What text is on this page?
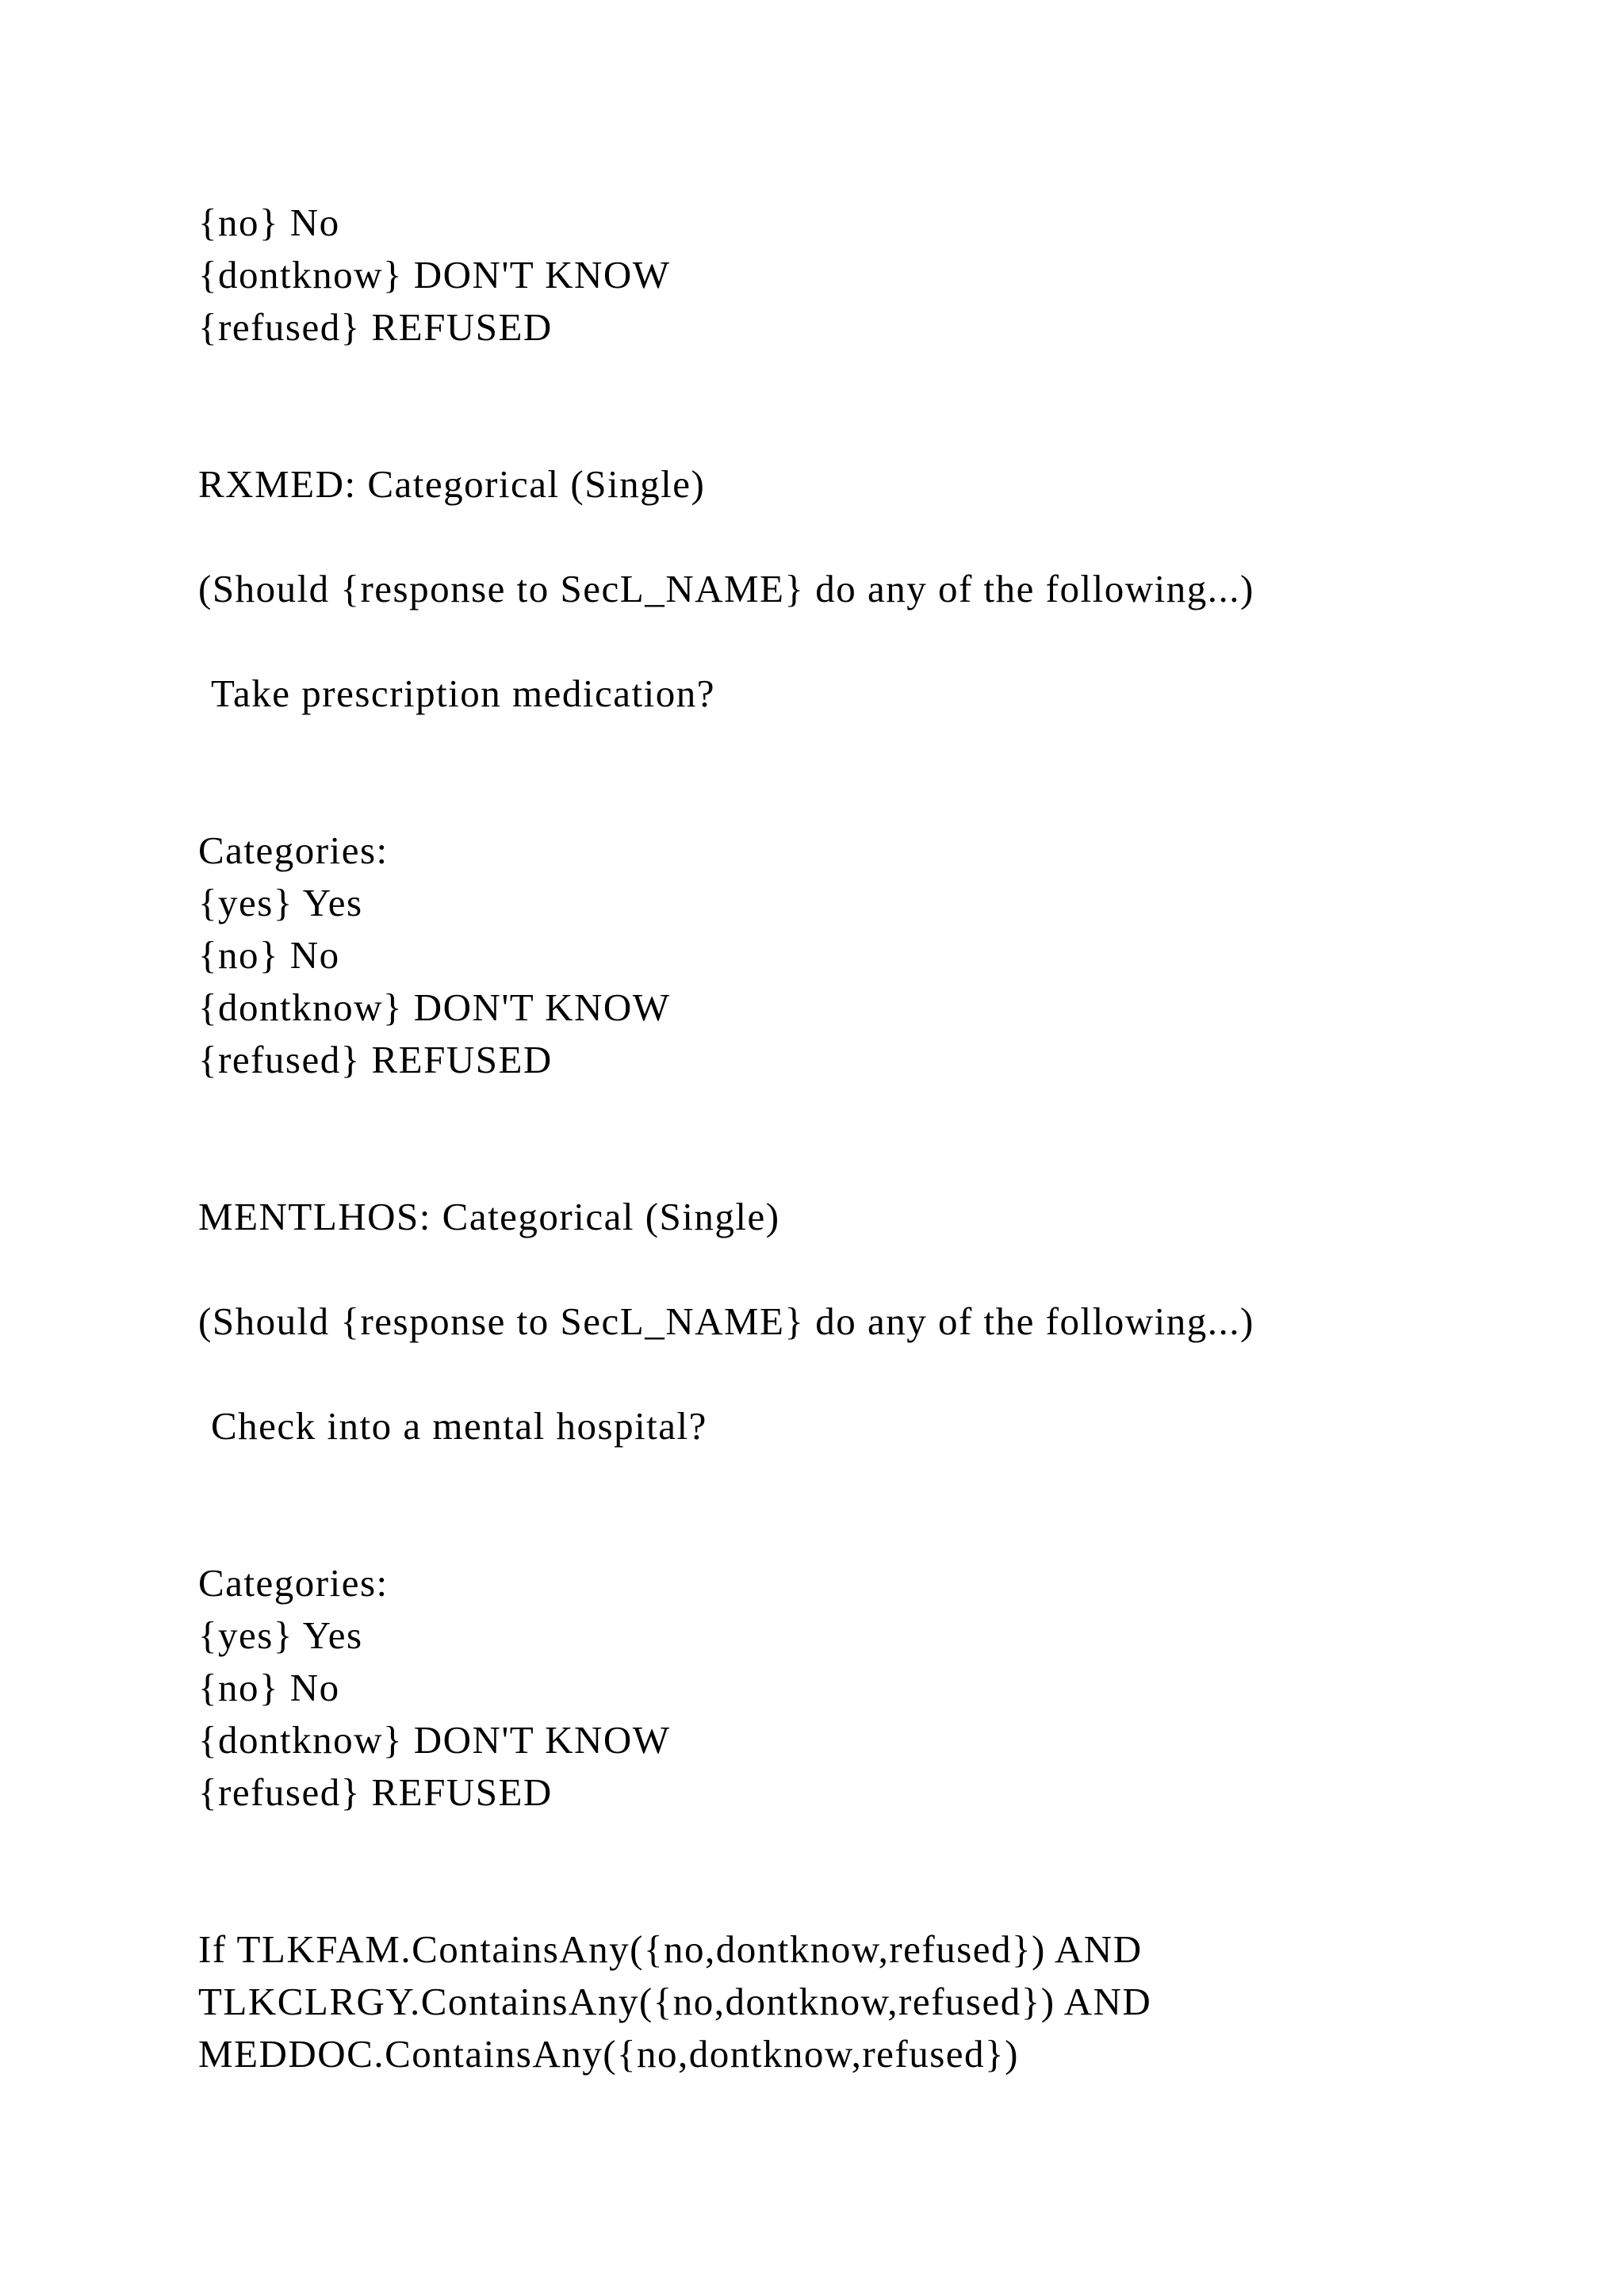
{no} No

{dontknow} DON'T KNOW

{refused} REFUSED

RXMED: Categorical (Single)

(Should {response to SecL_NAME} do any of the following...)

Take prescription medication?

Categories:

{yes} Yes

{no} No

{dontknow} DON'T KNOW

{refused} REFUSED

MENTLHOS: Categorical (Single)

(Should {response to SecL_NAME} do any of the following...)

Check into a mental hospital?

Categories:

{yes} Yes

{no} No

{dontknow} DON'T KNOW

{refused} REFUSED

If TLKFAM.ContainsAny({no,dontknow,refused}) AND

TLKCLRGY.ContainsAny({no,dontknow,refused}) AND

MEDDOC.ContainsAny({no,dontknow,refused})
